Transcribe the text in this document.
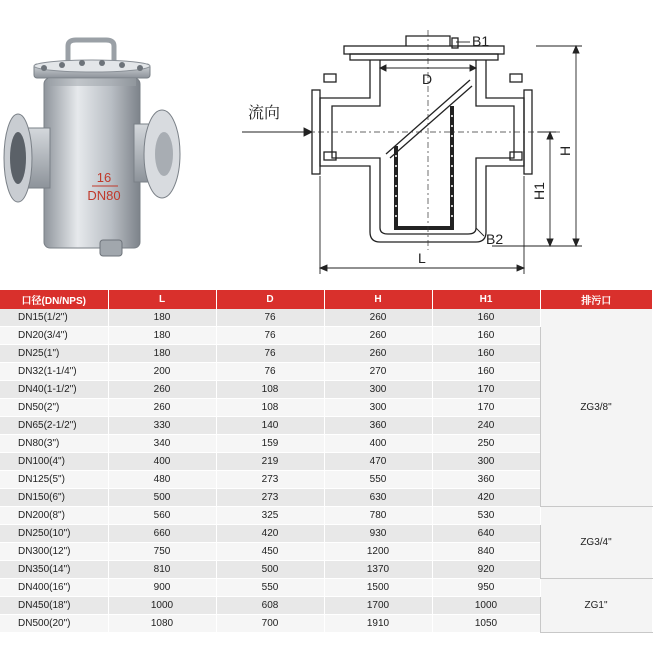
16
DN80
流向
B1
D
B2
L
H
H1
口径(DN/NPS)	L	D	H	H1	排污口
DN15(1/2")	180	76	260	160	ZG3/8"
DN20(3/4")	180	76	260	160	
DN25(1")	180	76	260	160	
DN32(1-1/4")	200	76	270	160	
DN40(1-1/2")	260	108	300	170	
DN50(2")	260	108	300	170	
DN65(2-1/2")	330	140	360	240	
DN80(3")	340	159	400	250	
DN100(4")	400	219	470	300	
DN125(5")	480	273	550	360	
DN150(6")	500	273	630	420	
DN200(8")	560	325	780	530	ZG3/4"
DN250(10")	660	420	930	640	
DN300(12")	750	450	1200	840	
DN350(14")	810	500	1370	920	
DN400(16")	900	550	1500	950	ZG1"
DN450(18")	1000	608	1700	1000	
DN500(20")	1080	700	1910	1050	
